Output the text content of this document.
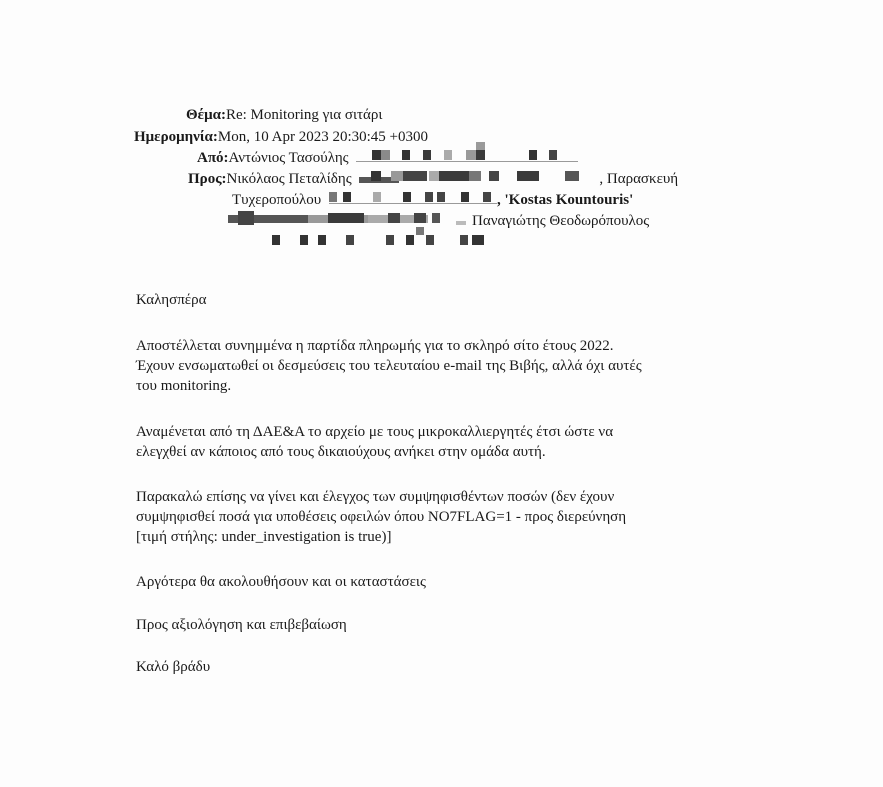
Θέμα:Re: Monitoring για σιτάρι
Ημερομηνία:Mon, 10 Apr 2023 20:30:45 +0300
Από:Αντώνιος Τασούλης
Προς:Νικόλαος Πεταλίδης	, Παρασκευή
Τυχεροπούλου	, 'Kostas Kountouris'
Παναγιώτης Θεοδωρόπουλος
Καλησπέρα
Αποστέλλεται συνημμένα η παρτίδα πληρωμής για το σκληρό σίτο έτους 2022.
Έχουν ενσωματωθεί οι δεσμεύσεις του τελευταίου e-mail της Βιβής, αλλά όχι αυτές
του monitoring.
Αναμένεται από τη ΔΑΕ&Α το αρχείο με τους μικροκαλλιεργητές έτσι ώστε να
ελεγχθεί αν κάποιος από τους δικαιούχους ανήκει στην ομάδα αυτή.
Παρακαλώ επίσης να γίνει και έλεγχος των συμψηφισθέντων ποσών (δεν έχουν
συμψηφισθεί ποσά για υποθέσεις οφειλών όπου NO7FLAG=1 - προς διερεύνηση
[τιμή στήλης: under_investigation is true)]
Αργότερα θα ακολουθήσουν και οι καταστάσεις
Προς αξιολόγηση και επιβεβαίωση
Καλό βράδυ
